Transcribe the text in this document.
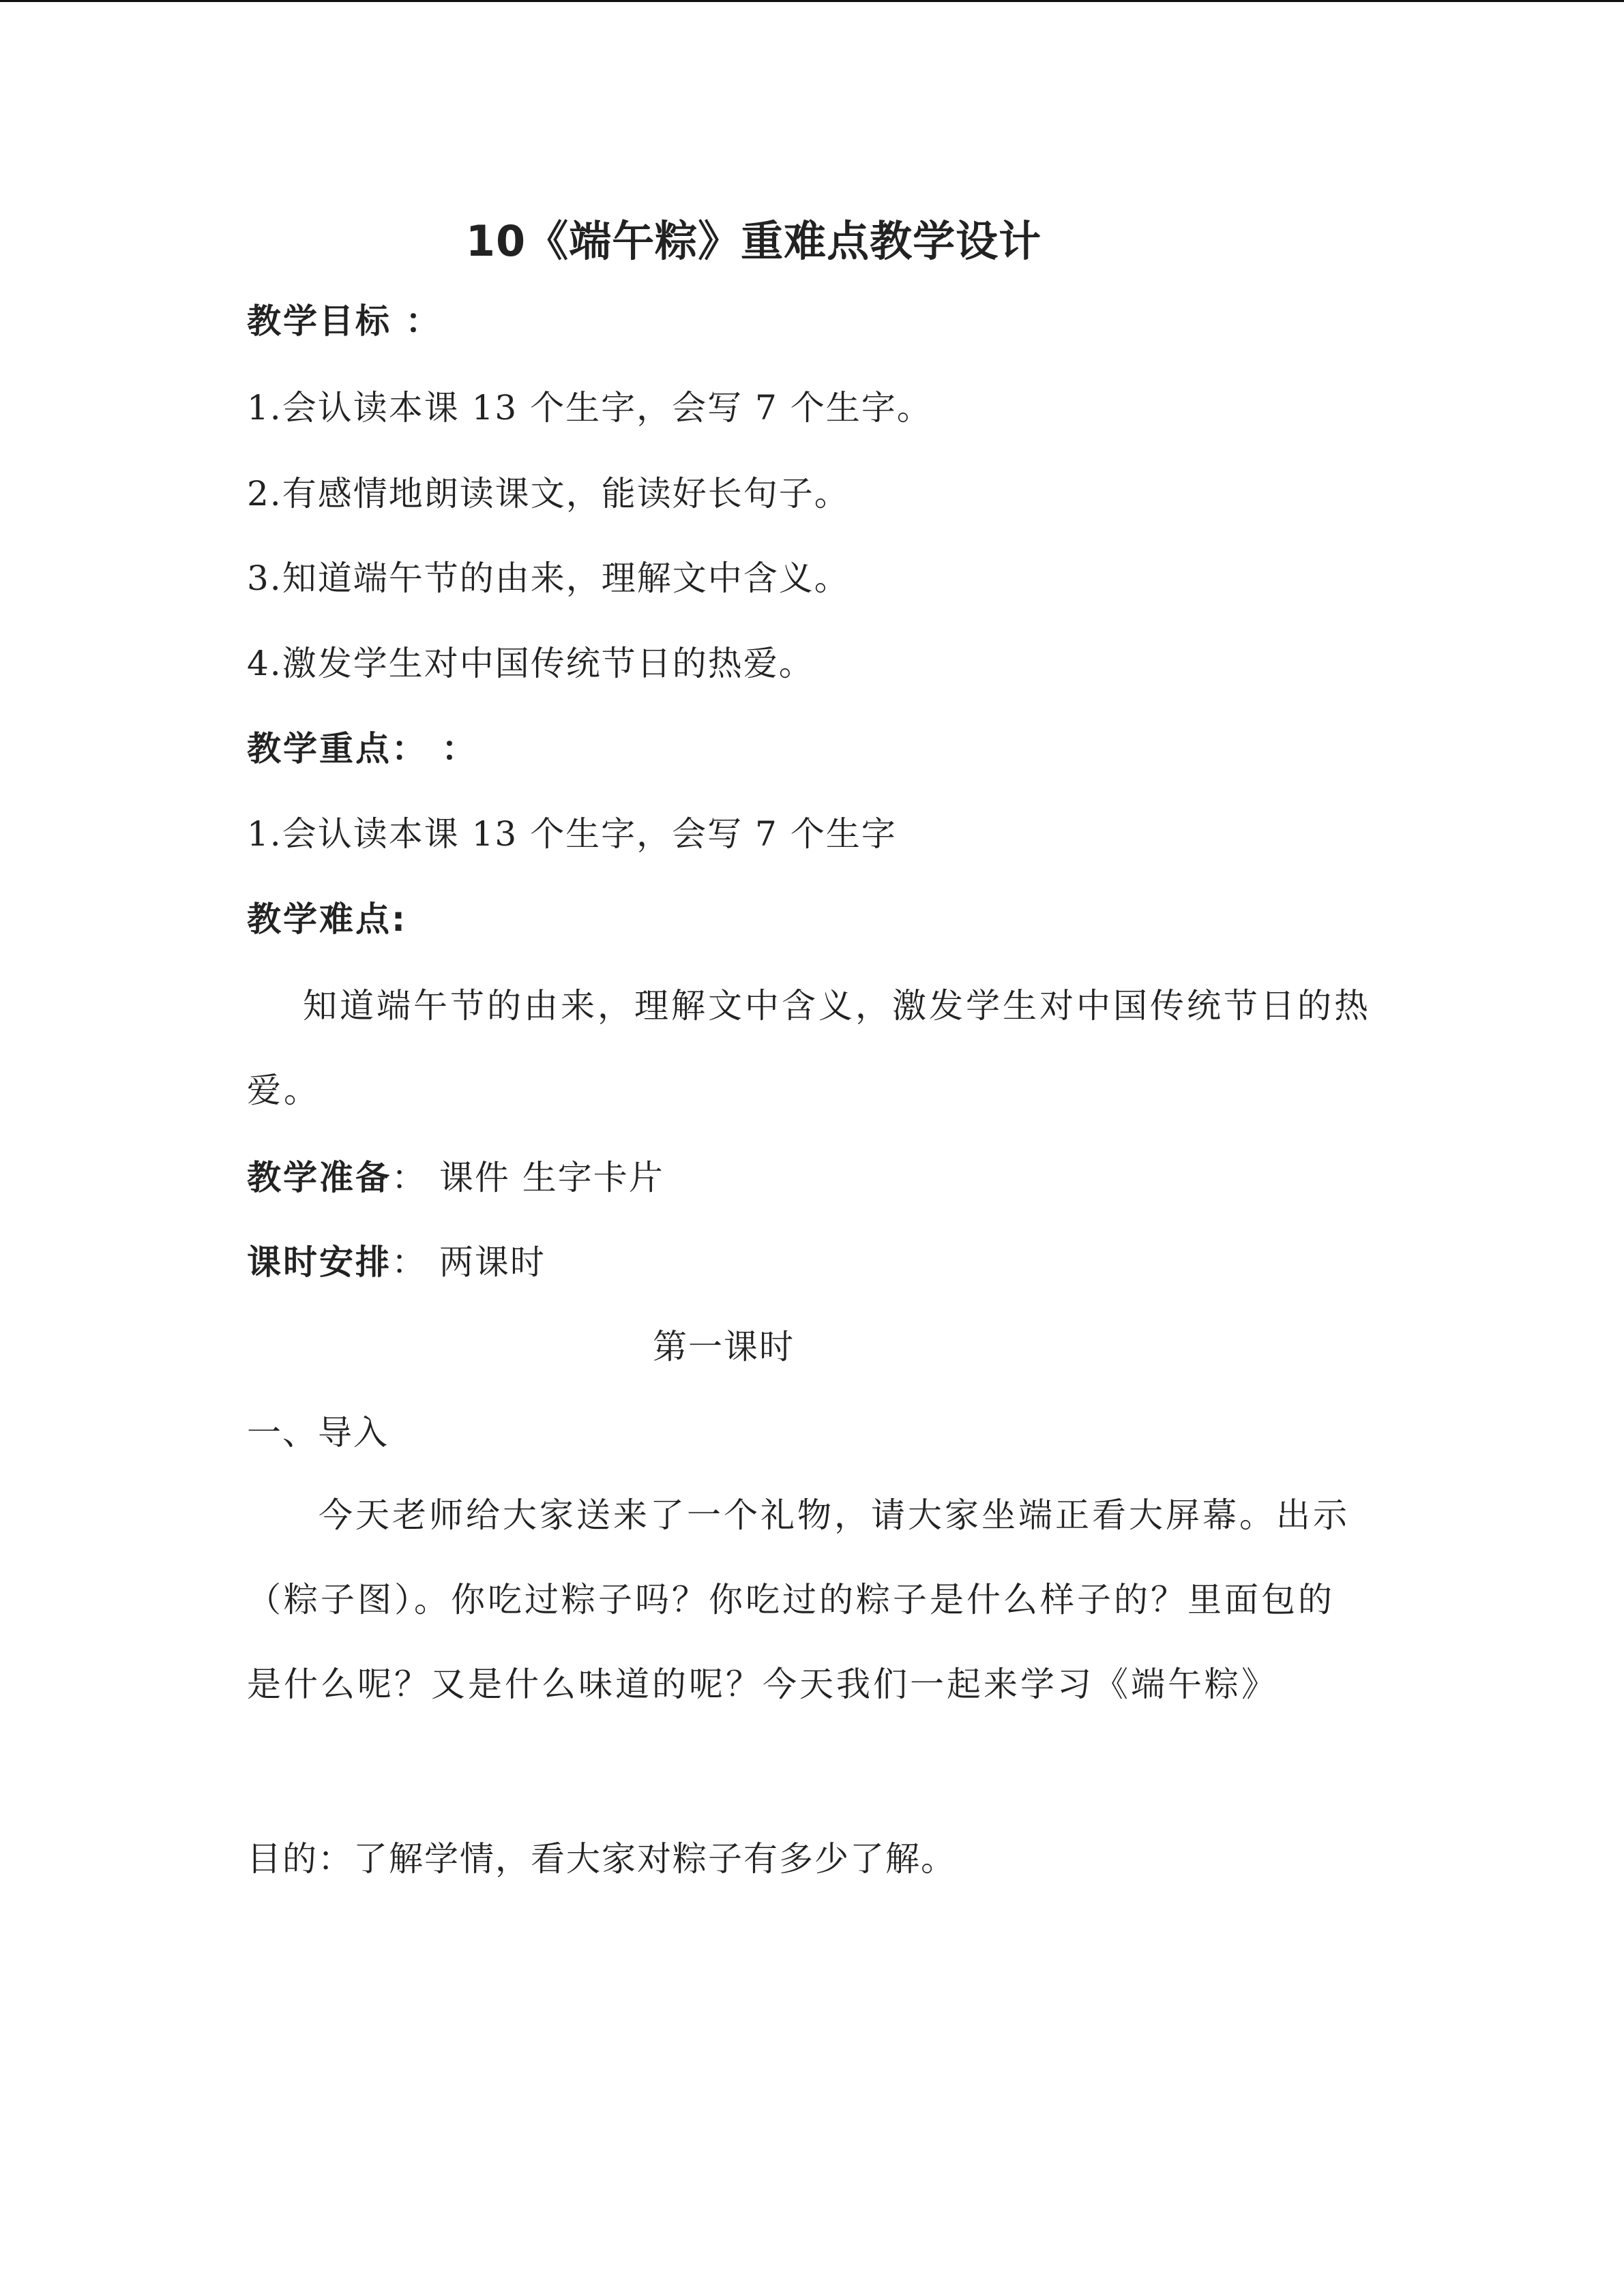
10《端午粽》重难点教学设计
教学目标 ：
1.会认读本课 13 个生字，会写 7 个生字。
2.有感情地朗读课文，能读好长句子。
3.知道端午节的由来，理解文中含义。
4.激发学生对中国传统节日的热爱。
教学重点： ：
1.会认读本课 13 个生字，会写 7 个生字
教学难点:
知道端午节的由来，理解文中含义，激发学生对中国传统节日的热爱。
教学准备： 课件 生字卡片
课时安排： 两课时
第一课时
一、导入
今天老师给大家送来了一个礼物，请大家坐端正看大屏幕。出示（粽子图）。你吃过粽子吗？你吃过的粽子是什么样子的？里面包的是什么呢？又是什么味道的呢？今天我们一起来学习《端午粽》
目的：了解学情，看大家对粽子有多少了解。
